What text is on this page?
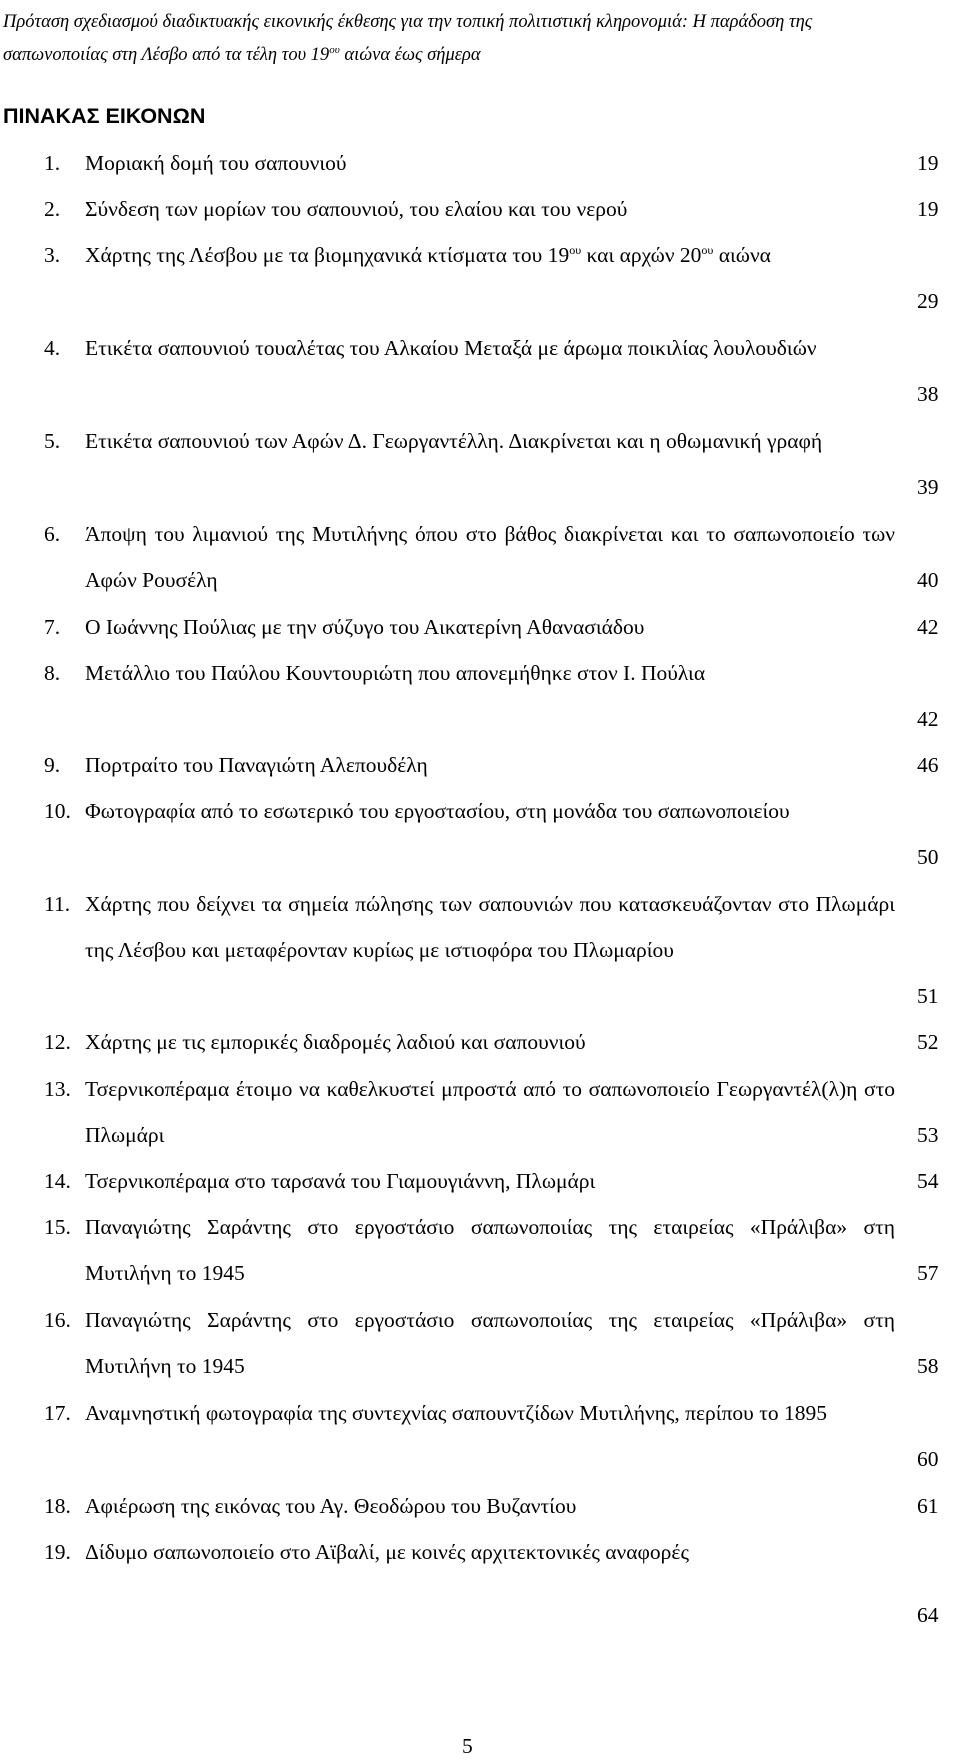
Πρόταση σχεδιασμού διαδικτυακής εικονικής έκθεσης για την τοπική πολιτιστική κληρονομιά: Η παράδοση της
σαπωνοποιίας στη Λέσβο από τα τέλη του $19^{o\upsilon}$ αιώνα έως σήμερα
ΠΙΝΑΚΑΣ ΕΙΚΟΝΩΝ
1. Μοριακή δομή του σαπουνιού	19
2. Σύνδεση των μορίων του σαπουνιού, του ελαίου και του νερού	19
3. Χάρτης της Λέσβου με τα βιομηχανικά κτίσματα του $19^{o\upsilon}$ και αρχών $20^{o\upsilon}$ αιώνα
29
4. Ετικέτα σαπουνιού τουαλέτας του Αλκαίου Μεταξά με άρωμα ποικιλίας λουλουδιών
38
5. Ετικέτα σαπουνιού των Αφών Δ. Γεωργαντέλλη. Διακρίνεται και η οθωμανική γραφή
39
6. Άποψη του λιμανιού της Μυτιλήνης όπου στο βάθος διακρίνεται και το σαπωνοποιείο των Αφών Ρουσέλη	40
7. Ο Ιωάννης Πούλιας με την σύζυγο του Αικατερίνη Αθανασιάδου	42
8. Μετάλλιο του Παύλου Κουντουριώτη που απονεμήθηκε στον Ι. Πούλια
42
9. Πορτραίτο του Παναγιώτη Αλεπουδέλη	46
10. Φωτογραφία από το εσωτερικό του εργοστασίου, στη μονάδα του σαπωνοποιείου
50
11. Χάρτης που δείχνει τα σημεία πώλησης των σαπουνιών που κατασκευάζονταν στο Πλωμάρι της Λέσβου και μεταφέρονταν κυρίως με ιστιοφόρα του Πλωμαρίου
51
12. Χάρτης με τις εμπορικές διαδρομές λαδιού και σαπουνιού	52
13. Τσερνικοπέραμα έτοιμο να καθελκυστεί μπροστά από το σαπωνοποιείο Γεωργαντέλ(λ)η στο Πλωμάρι	53
14. Τσερνικοπέραμα στο ταρσανά του Γιαμουγιάννη, Πλωμάρι	54
15. Παναγιώτης Σαράντης στο εργοστάσιο σαπωνοποιίας της εταιρείας «Πράλιβα» στη Μυτιλήνη το 1945	57
16. Παναγιώτης Σαράντης στο εργοστάσιο σαπωνοποιίας της εταιρείας «Πράλιβα» στη Μυτιλήνη το 1945	58
17. Αναμνηστική φωτογραφία της συντεχνίας σαπουντζίδων Μυτιλήνης, περίπου το 1895
60
18. Αφιέρωση της εικόνας του Αγ. Θεοδώρου του Βυζαντίου	61
19. Δίδυμο σαπωνοποιείο στο Αϊβαλί, με κοινές αρχιτεκτονικές αναφορές
64
5
